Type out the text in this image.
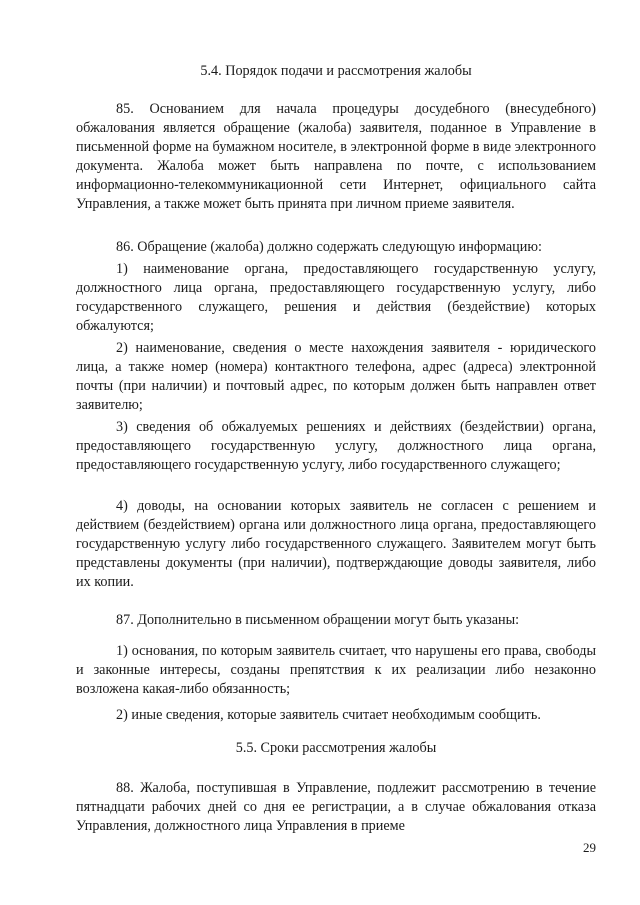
5.4. Порядок подачи и рассмотрения жалобы

85. Основанием для начала процедуры досудебного (внесудебного) обжалования является обращение (жалоба) заявителя, поданное в Управление в письменной форме на бумажном носителе, в электронной форме в виде электронного документа. Жалоба может быть направлена по почте, с использованием информационно-телекоммуникационной сети Интернет, официального сайта Управления, а также может быть принята при личном приеме заявителя.

86. Обращение (жалоба) должно содержать следующую информацию:

1) наименование органа, предоставляющего государственную услугу, должностного лица органа, предоставляющего государственную услугу, либо государственного служащего, решения и действия (бездействие) которых обжалуются;

2) наименование, сведения о месте нахождения заявителя - юридического лица, а также номер (номера) контактного телефона, адрес (адреса) электронной почты (при наличии) и почтовый адрес, по которым должен быть направлен ответ заявителю;

3) сведения об обжалуемых решениях и действиях (бездействии) органа, предоставляющего государственную услугу, должностного лица органа, предоставляющего государственную услугу, либо государственного служащего;

4) доводы, на основании которых заявитель не согласен с решением и действием (бездействием) органа или должностного лица органа, предоставляющего государственную услугу либо государственного служащего. Заявителем могут быть представлены документы (при наличии), подтверждающие доводы заявителя, либо их копии.

87. Дополнительно в письменном обращении могут быть указаны:

1) основания, по которым заявитель считает, что нарушены его права, свободы и законные интересы, созданы препятствия к их реализации либо незаконно возложена какая-либо обязанность;

2) иные сведения, которые заявитель считает необходимым сообщить.

5.5. Сроки рассмотрения жалобы

88. Жалоба, поступившая в Управление, подлежит рассмотрению в течение пятнадцати рабочих дней со дня ее регистрации, а в случае обжалования отказа Управления, должностного лица Управления в приеме

29
